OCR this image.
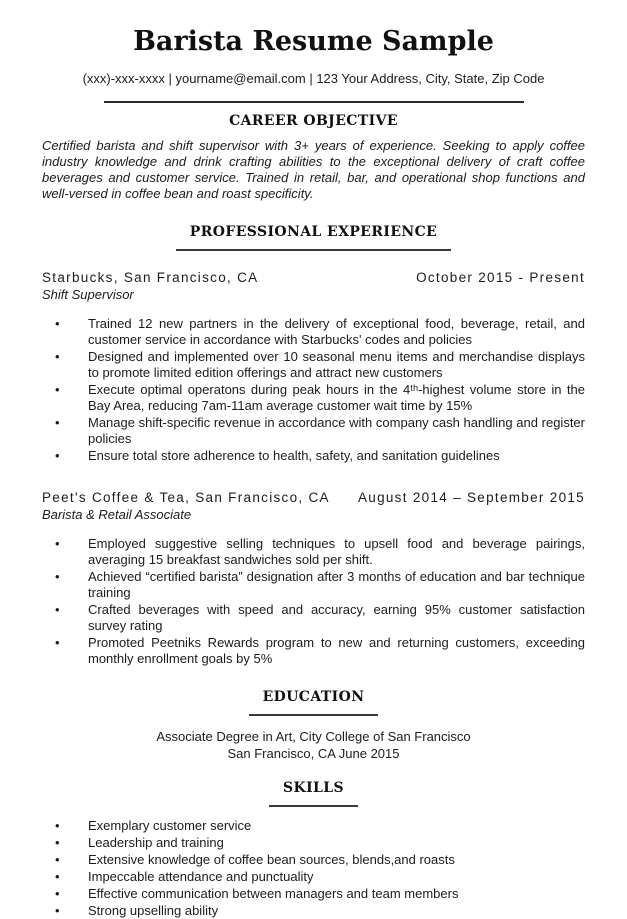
Barista Resume Sample
(xxx)-xxx-xxxx | yourname@email.com | 123 Your Address, City, State, Zip Code
CAREER OBJECTIVE

Certified barista and shift supervisor with 3+ years of experience. Seeking to apply coffee industry knowledge and drink crafting abilities to the exceptional delivery of craft coffee beverages and customer service. Trained in retail, bar, and operational shop functions and well-versed in coffee bean and roast specificity.

PROFESSIONAL EXPERIENCE
Starbucks, San Francisco, CA	October 2015 - Present
Shift Supervisor
• Trained 12 new partners in the delivery of exceptional food, beverage, retail, and customer service in accordance with Starbucks' codes and policies
• Designed and implemented over 10 seasonal menu items and merchandise displays to promote limited edition offerings and attract new customers
• Execute optimal operatons during peak hours in the 4ᵗʰ-highest volume store in the Bay Area, reducing 7am-11am average customer wait time by 15%
• Manage shift-specific revenue in accordance with company cash handling and register policies
• Ensure total store adherence to health, safety, and sanitation guidelines
Peet's Coffee & Tea, San Francisco, CA August 2014 – September 2015
Barista & Retail Associate
• Employed suggestive selling techniques to upsell food and beverage pairings, averaging 15 breakfast sandwiches sold per shift.
• Achieved “certified barista” designation after 3 months of education and bar technique training
• Crafted beverages with speed and accuracy, earning 95% customer satisfaction survey rating
• Promoted Peetniks Rewards program to new and returning customers, exceeding monthly enrollment goals by 5%
EDUCATION
Associate Degree in Art, City College of San Francisco
San Francisco, CA June 2015
SKILLS
• Exemplary customer service
• Leadership and training
• Extensive knowledge of coffee bean sources, blends,and roasts
• Impeccable attendance and punctuality
• Effective communication between managers and team members
• Strong upselling ability
